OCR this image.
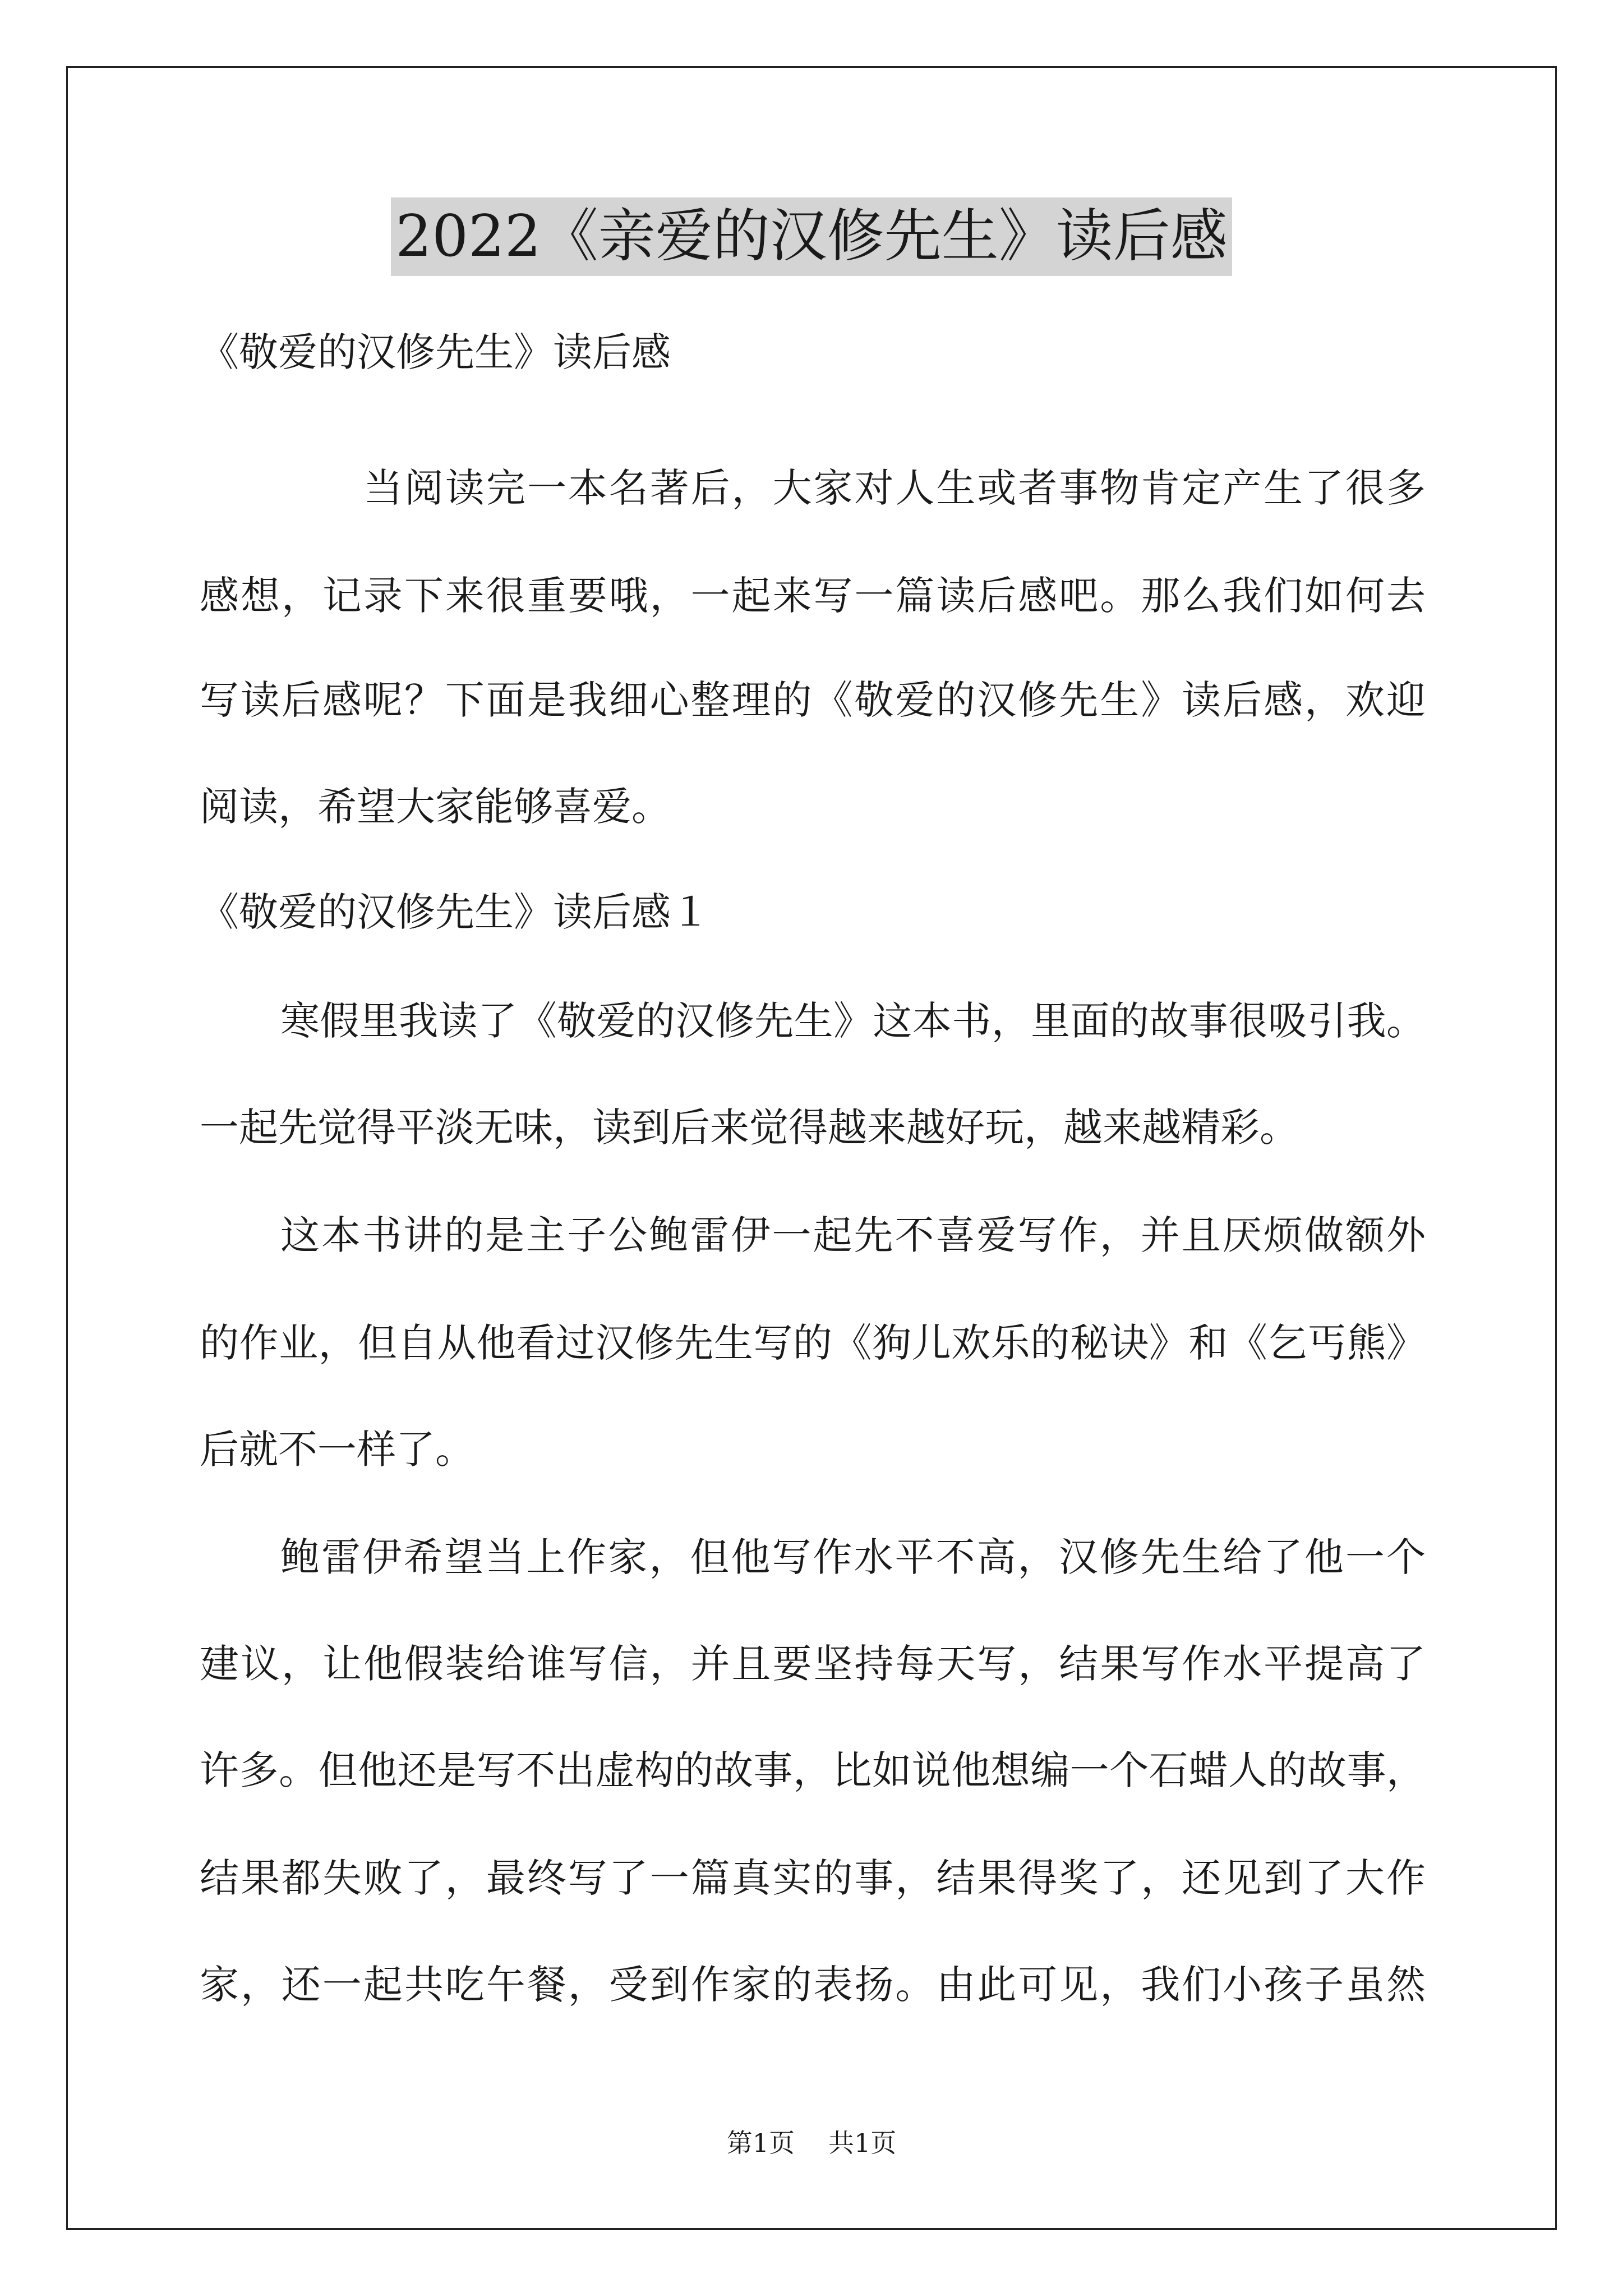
2022《亲爱的汉修先生》读后感
《敬爱的汉修先生》读后感
当阅读完一本名著后，大家对人生或者事物肯定产生了很多
感想，记录下来很重要哦，一起来写一篇读后感吧。那么我们如何去
写读后感呢？下面是我细心整理的《敬爱的汉修先生》读后感，欢迎
阅读，希望大家能够喜爱。
《敬爱的汉修先生》读后感１
寒假里我读了《敬爱的汉修先生》这本书，里面的故事很吸引我。
一起先觉得平淡无味，读到后来觉得越来越好玩，越来越精彩。
这本书讲的是主子公鲍雷伊一起先不喜爱写作，并且厌烦做额外
的作业，但自从他看过汉修先生写的《狗儿欢乐的秘诀》和《乞丐熊》
后就不一样了。
鲍雷伊希望当上作家，但他写作水平不高，汉修先生给了他一个
建议，让他假装给谁写信，并且要坚持每天写，结果写作水平提高了
许多。但他还是写不出虚构的故事，比如说他想编一个石蜡人的故事，
结果都失败了，最终写了一篇真实的事，结果得奖了，还见到了大作
家，还一起共吃午餐，受到作家的表扬。由此可见，我们小孩子虽然
第1页 共1页
